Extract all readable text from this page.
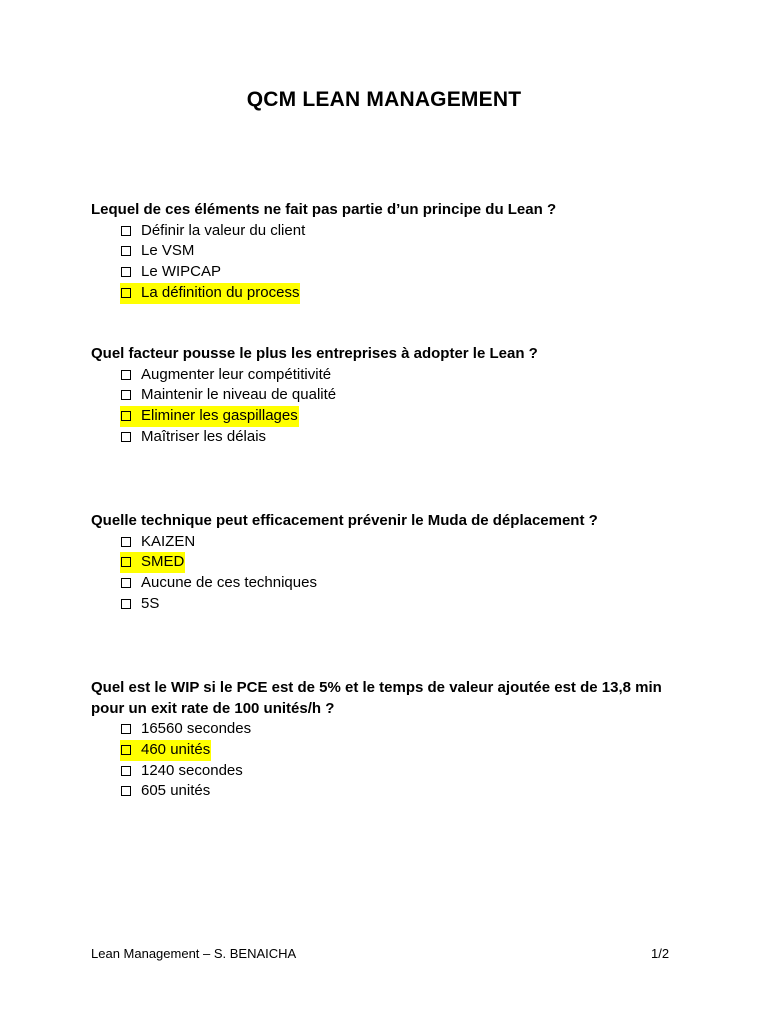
QCM LEAN MANAGEMENT
Lequel de ces éléments ne fait pas partie d’un principe du Lean ?
Définir la valeur du client
Le VSM
Le WIPCAP
La définition du process
Quel facteur pousse le plus les entreprises à adopter le Lean ?
Augmenter leur compétitivité
Maintenir le niveau de qualité
Eliminer les gaspillages
Maîtriser les délais
Quelle technique peut efficacement prévenir le Muda de déplacement ?
KAIZEN
SMED
Aucune de ces techniques
5S
Quel est le WIP si le PCE est de 5% et le temps de valeur ajoutée est de 13,8 min pour un exit rate de 100 unités/h ?
16560 secondes
460 unités
1240 secondes
605 unités
Lean Management – S. BENAICHA	1/2
